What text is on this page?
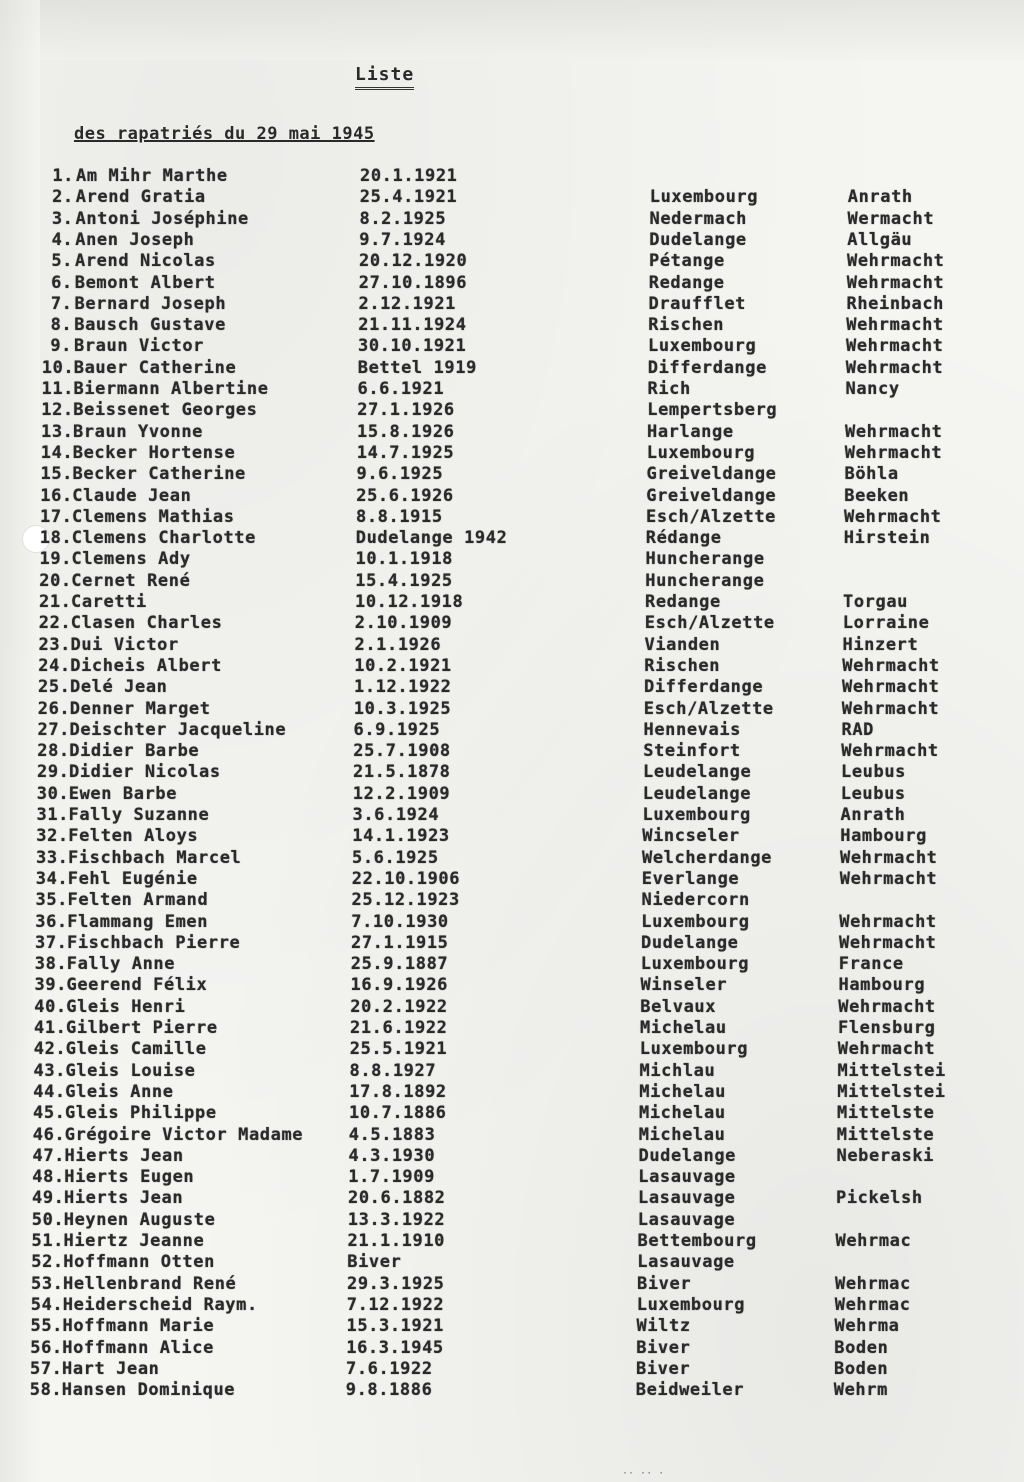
Liste
des rapatriés du 29 mai 1945
1. Am Mihr Marthe	20.1.1921
2. Arend Gratia	25.4.1921	Luxembourg	Anrath
3. Antoni Joséphine	8.2.1925	Nedermach	Wermacht
4. Anen Joseph	9.7.1924	Dudelange	Allgäu
5. Arend Nicolas	20.12.1920	Pétange	Wehrmacht
6. Bemont Albert	27.10.1896	Redange	Wehrmacht
7. Bernard Joseph	2.12.1921	Draufflet	Rheinbach
8. Bausch Gustave	21.11.1924	Rischen	Wehrmacht
9. Braun Victor	30.10.1921	Luxembourg	Wehrmacht
10. Bauer Catherine	Bettel 1919	Differdange	Wehrmacht
11. Biermann Albertine	6.6.1921	Rich	Nancy
12. Beissenet Georges	27.1.1926	Lempertsberg
13. Braun Yvonne	15.8.1926	Harlange	Wehrmacht
14. Becker Hortense	14.7.1925	Luxembourg	Wehrmacht
15. Becker Catherine	9.6.1925	Greiveldange	Böhla
16. Claude Jean	25.6.1926	Greiveldange	Beeken
17. Clemens Mathias	8.8.1915	Esch/Alzette	Wehrmacht
18. Clemens Charlotte	Dudelange 1942	Rédange	Hirstein
19. Clemens Ady	10.1.1918	Huncherange
20. Cernet René	15.4.1925	Huncherange
21. Caretti	10.12.1918	Redange	Torgau
22. Clasen Charles	2.10.1909	Esch/Alzette	Lorraine
23. Dui Victor	2.1.1926	Vianden	Hinzert
24. Dicheis Albert	10.2.1921	Rischen	Wehrmacht
25. Delé Jean	1.12.1922	Differdange	Wehrmacht
26. Denner Marget	10.3.1925	Esch/Alzette	Wehrmacht
27. Deischter Jacqueline	6.9.1925	Hennevais	RAD
28. Didier Barbe	25.7.1908	Steinfort	Wehrmacht
29. Didier Nicolas	21.5.1878	Leudelange	Leubus
30. Ewen Barbe	12.2.1909	Leudelange	Leubus
31. Fally Suzanne	3.6.1924	Luxembourg	Anrath
32. Felten Aloys	14.1.1923	Wincseler	Hambourg
33. Fischbach Marcel	5.6.1925	Welcherdange	Wehrmacht
34. Fehl Eugénie	22.10.1906	Everlange	Wehrmacht
35. Felten Armand	25.12.1923	Niedercorn
36. Flammang Emen	7.10.1930	Luxembourg	Wehrmacht
37. Fischbach Pierre	27.1.1915	Dudelange	Wehrmacht
38. Fally Anne	25.9.1887	Luxembourg	France
39. Geerend Félix	16.9.1926	Winseler	Hambourg
40. Gleis Henri	20.2.1922	Belvaux	Wehrmacht
41. Gilbert Pierre	21.6.1922	Michelau	Flensburg
42. Gleis Camille	25.5.1921	Luxembourg	Wehrmacht
43. Gleis Louise	8.8.1927	Michlau	Mittelstei
44. Gleis Anne	17.8.1892	Michelau	Mittelstei
45. Gleis Philippe	10.7.1886	Michelau	Mittelste
46. Grégoire Victor Madame	4.5.1883	Michelau	Mittelste
47. Hierts Jean	4.3.1930	Dudelange	Neberaski
48. Hierts Eugen	1.7.1909	Lasauvage
49. Hierts Jean	20.6.1882	Lasauvage	Pickelsh
50. Heynen Auguste	13.3.1922	Lasauvage
51. Hiertz Jeanne	21.1.1910	Bettembourg	Wehrmac
52. Hoffmann Otten	Biver	Lasauvage
53. Hellenbrand René	29.3.1925	Biver	Wehrmac
54. Heiderscheid Raym.	7.12.1922	Luxembourg	Wehrmac
55. Hoffmann Marie	15.3.1921	Wiltz	Wehrma
56. Hoffmann Alice	16.3.1945	Biver	Boden
57. Hart Jean	7.6.1922	Biver	Boden
58. Hansen Dominique	9.8.1886	Beidweiler	Wehrm
·· ·· ·
